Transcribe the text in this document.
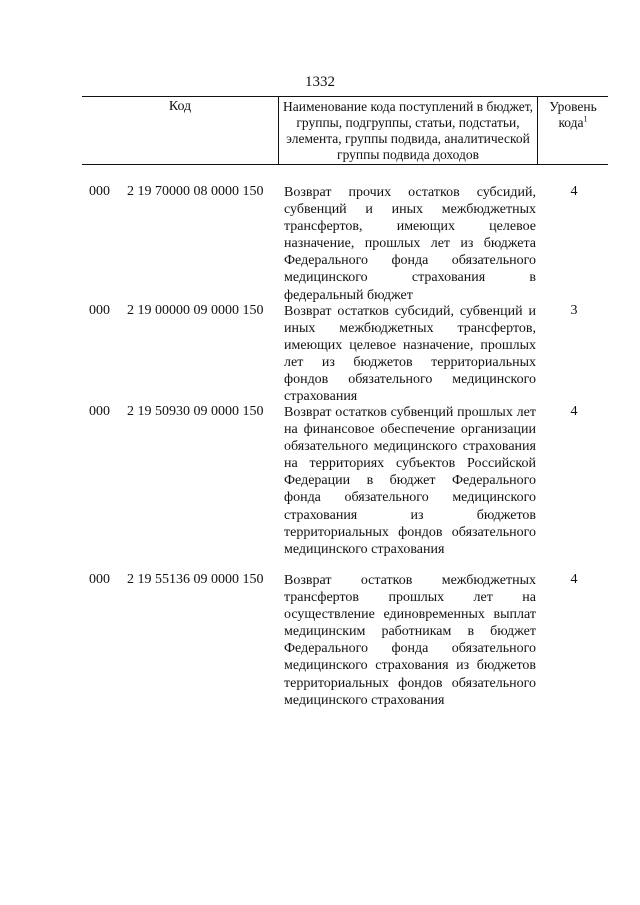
1332
Код	Наименование кода поступлений в бюджет, группы, подгруппы, статьи, подстатьи, элемента, группы подвида, аналитической группы подвида доходов
Уровень кода$^1$
000 2 19 70000 08 0000 150 Возврат прочих остатков субсидий, субвенций и иных межбюджетных трансфертов, имеющих целевое назначение, прошлых лет из бюджета Федерального фонда обязательного медицинского страхования в федеральный бюджет
4
000 2 19 00000 09 0000 150 Возврат остатков субсидий, субвенций и иных межбюджетных трансфертов, имеющих целевое назначение, прошлых лет из бюджетов территориальных фондов обязательного медицинского страхования
3
000 2 19 50930 09 0000 150 Возврат остатков субвенций прошлых лет на финансовое обеспечение организации обязательного медицинского страхования на территориях субъектов Российской Федерации в бюджет Федерального фонда обязательного медицинского страхования из бюджетов территориальных фондов обязательного медицинского страхования
4
000 2 19 55136 09 0000 150 Возврат остатков межбюджетных трансфертов прошлых лет на осуществление единовременных выплат медицинским работникам в бюджет Федерального фонда обязательного медицинского страхования из бюджетов территориальных фондов обязательного медицинского страхования
4
